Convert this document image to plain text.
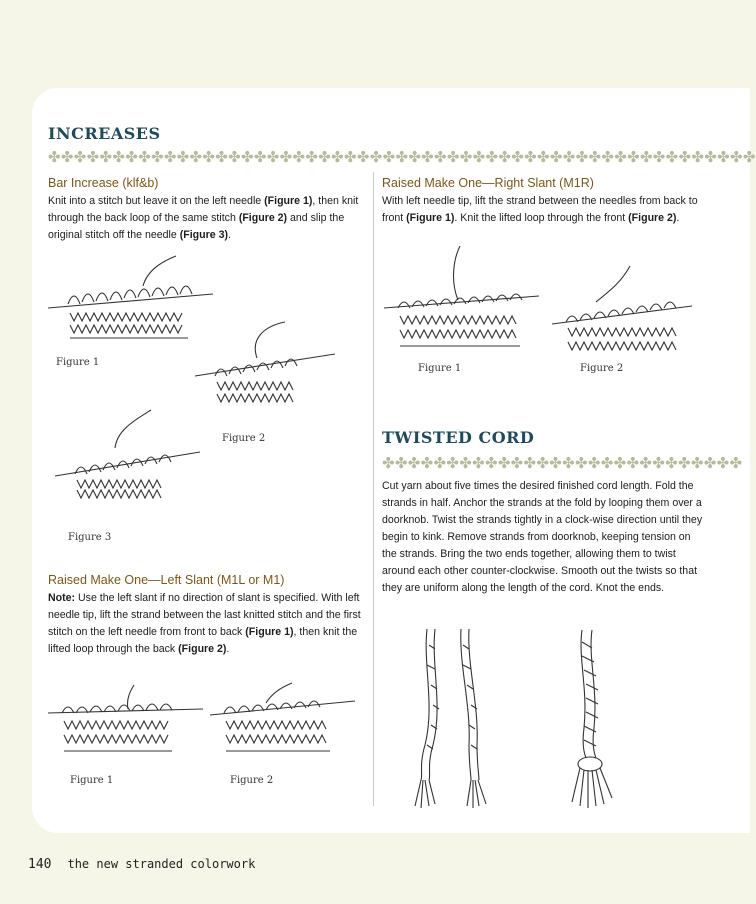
INCREASES
✤✤✤✤✤✤✤✤✤✤✤✤✤✤✤✤✤✤✤✤✤✤✤✤✤✤✤✤✤✤✤✤✤✤✤✤✤✤✤✤✤✤✤✤✤✤✤✤✤✤✤✤✤✤✤
Bar Increase (klf&b)
Knit into a stitch but leave it on the left needle (Figure 1), then knit through the back loop of the same stitch (Figure 2) and slip the original stitch off the needle (Figure 3).
Figure 1
Figure 2
Figure 3
Raised Make One—Left Slant (M1L or M1)
Note: Use the left slant if no direction of slant is specified. With left needle tip, lift the strand between the last knitted stitch and the first stitch on the left needle from front to back (Figure 1), then knit the lifted loop through the back (Figure 2).
Figure 1	Figure 2
Raised Make One—Right Slant (M1R)
With left needle tip, lift the strand between the needles from back to front (Figure 1). Knit the lifted loop through the front (Figure 2).
Figure 1	Figure 2
TWISTED CORD
✤✤✤✤✤✤✤✤✤✤✤✤✤✤✤✤✤✤✤✤✤✤✤✤✤✤✤✤
Cut yarn about five times the desired finished cord length. Fold the strands in half. Anchor the strands at the fold by looping them over a doorknob. Twist the strands tightly in a clock-wise direction until they begin to kink. Remove strands from doorknob, keeping tension on the strands. Bring the two ends together, allowing them to twist around each other counter-clockwise. Smooth out the twists so that they are uniform along the length of the cord. Knot the ends.
140 the new stranded colorwork
